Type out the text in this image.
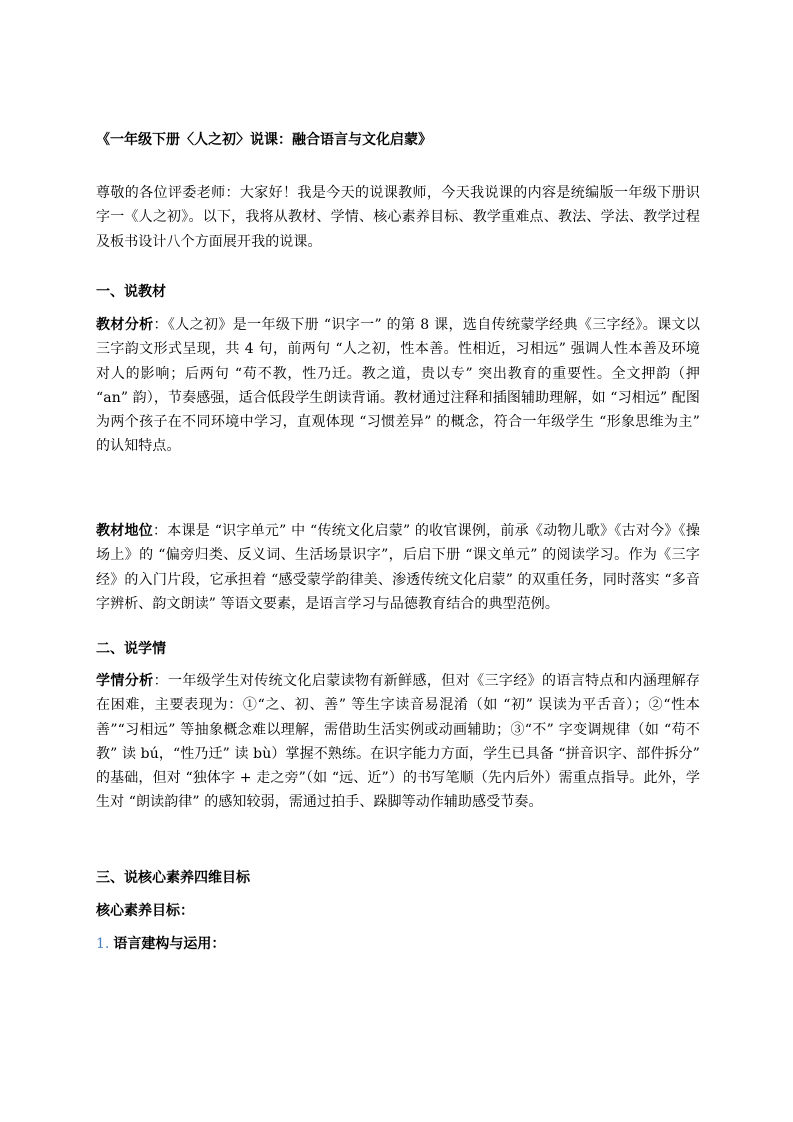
《一年级下册〈人之初〉说课：融合语言与文化启蒙》
尊敬的各位评委老师：大家好！我是今天的说课教师，今天我说课的内容是统编版一年级下册识字一《人之初》。以下，我将从教材、学情、核心素养目标、教学重难点、教法、学法、教学过程及板书设计八个方面展开我的说课。
一、说教材
教材分析：《人之初》是一年级下册 “识字一” 的第 8 课，选自传统蒙学经典《三字经》。课文以三字韵文形式呈现，共 4 句，前两句 “人之初，性本善。性相近，习相远” 强调人性本善及环境对人的影响；后两句 “苟不教，性乃迁。教之道，贵以专” 突出教育的重要性。全文押韵（押 “an” 韵），节奏感强，适合低段学生朗读背诵。教材通过注释和插图辅助理解，如 “习相远” 配图为两个孩子在不同环境中学习，直观体现 “习惯差异” 的概念，符合一年级学生 “形象思维为主” 的认知特点。
教材地位：本课是 “识字单元” 中 “传统文化启蒙” 的收官课例，前承《动物儿歌》《古对今》《操场上》的 “偏旁归类、反义词、生活场景识字”，后启下册 “课文单元” 的阅读学习。作为《三字经》的入门片段，它承担着 “感受蒙学韵律美、渗透传统文化启蒙” 的双重任务，同时落实 “多音字辨析、韵文朗读” 等语文要素，是语言学习与品德教育结合的典型范例。
二、说学情
学情分析：一年级学生对传统文化启蒙读物有新鲜感，但对《三字经》的语言特点和内涵理解存在困难，主要表现为：①“之、初、善” 等生字读音易混淆（如 “初” 误读为平舌音）；②“性本善”“习相远” 等抽象概念难以理解，需借助生活实例或动画辅助；③“不” 字变调规律（如 “苟不教” 读 bú，“性乃迁” 读 bù）掌握不熟练。在识字能力方面，学生已具备 “拼音识字、部件拆分” 的基础，但对 “独体字 + 走之旁”（如 “远、近”）的书写笔顺（先内后外）需重点指导。此外，学生对 “朗读韵律” 的感知较弱，需通过拍手、跺脚等动作辅助感受节奏。
三、说核心素养四维目标
核心素养目标：
1. 语言建构与运用：
